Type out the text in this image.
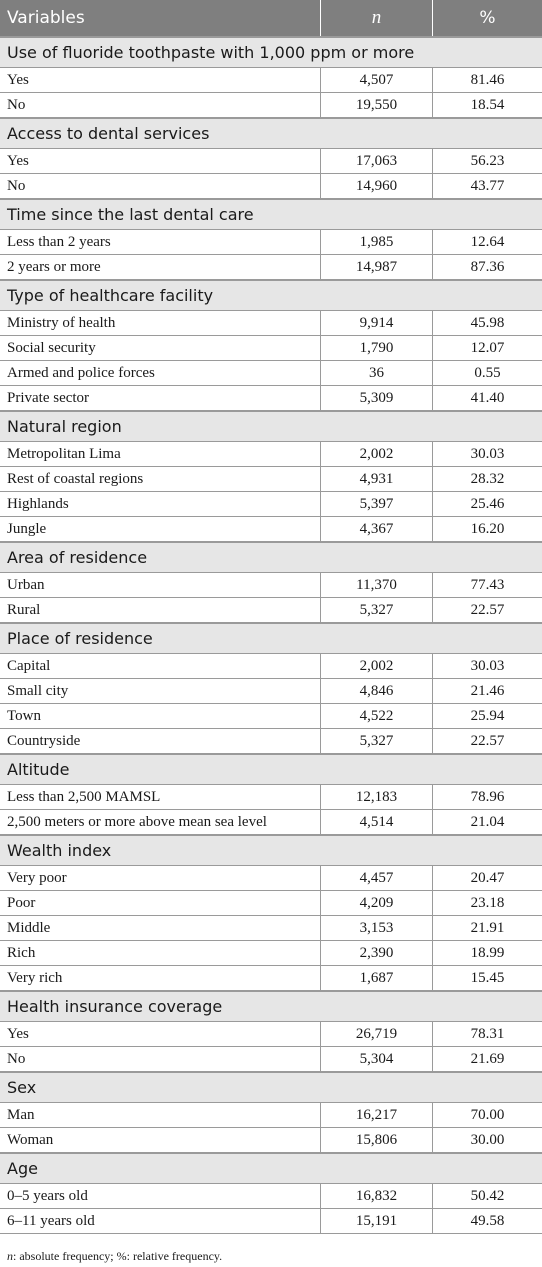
Variables	n	%
Use of fluoride toothpaste with 1,000 ppm or more
Yes	4,507	81.46
No	19,550	18.54
Access to dental services
Yes	17,063	56.23
No	14,960	43.77
Time since the last dental care
Less than 2 years	1,985	12.64
2 years or more	14,987	87.36
Type of healthcare facility
Ministry of health	9,914	45.98
Social security	1,790	12.07
Armed and police forces	36	0.55
Private sector	5,309	41.40
Natural region
Metropolitan Lima	2,002	30.03
Rest of coastal regions	4,931	28.32
Highlands	5,397	25.46
Jungle	4,367	16.20
Area of residence
Urban	11,370	77.43
Rural	5,327	22.57
Place of residence
Capital	2,002	30.03
Small city	4,846	21.46
Town	4,522	25.94
Countryside	5,327	22.57
Altitude
Less than 2,500 MAMSL	12,183	78.96
2,500 meters or more above mean sea level	4,514	21.04
Wealth index
Very poor	4,457	20.47
Poor	4,209	23.18
Middle	3,153	21.91
Rich	2,390	18.99
Very rich	1,687	15.45
Health insurance coverage
Yes	26,719	78.31
No	5,304	21.69
Sex
Man	16,217	70.00
Woman	15,806	30.00
Age
0–5 years old	16,832	50.42
6–11 years old	15,191	49.58
n: absolute frequency; %: relative frequency.
